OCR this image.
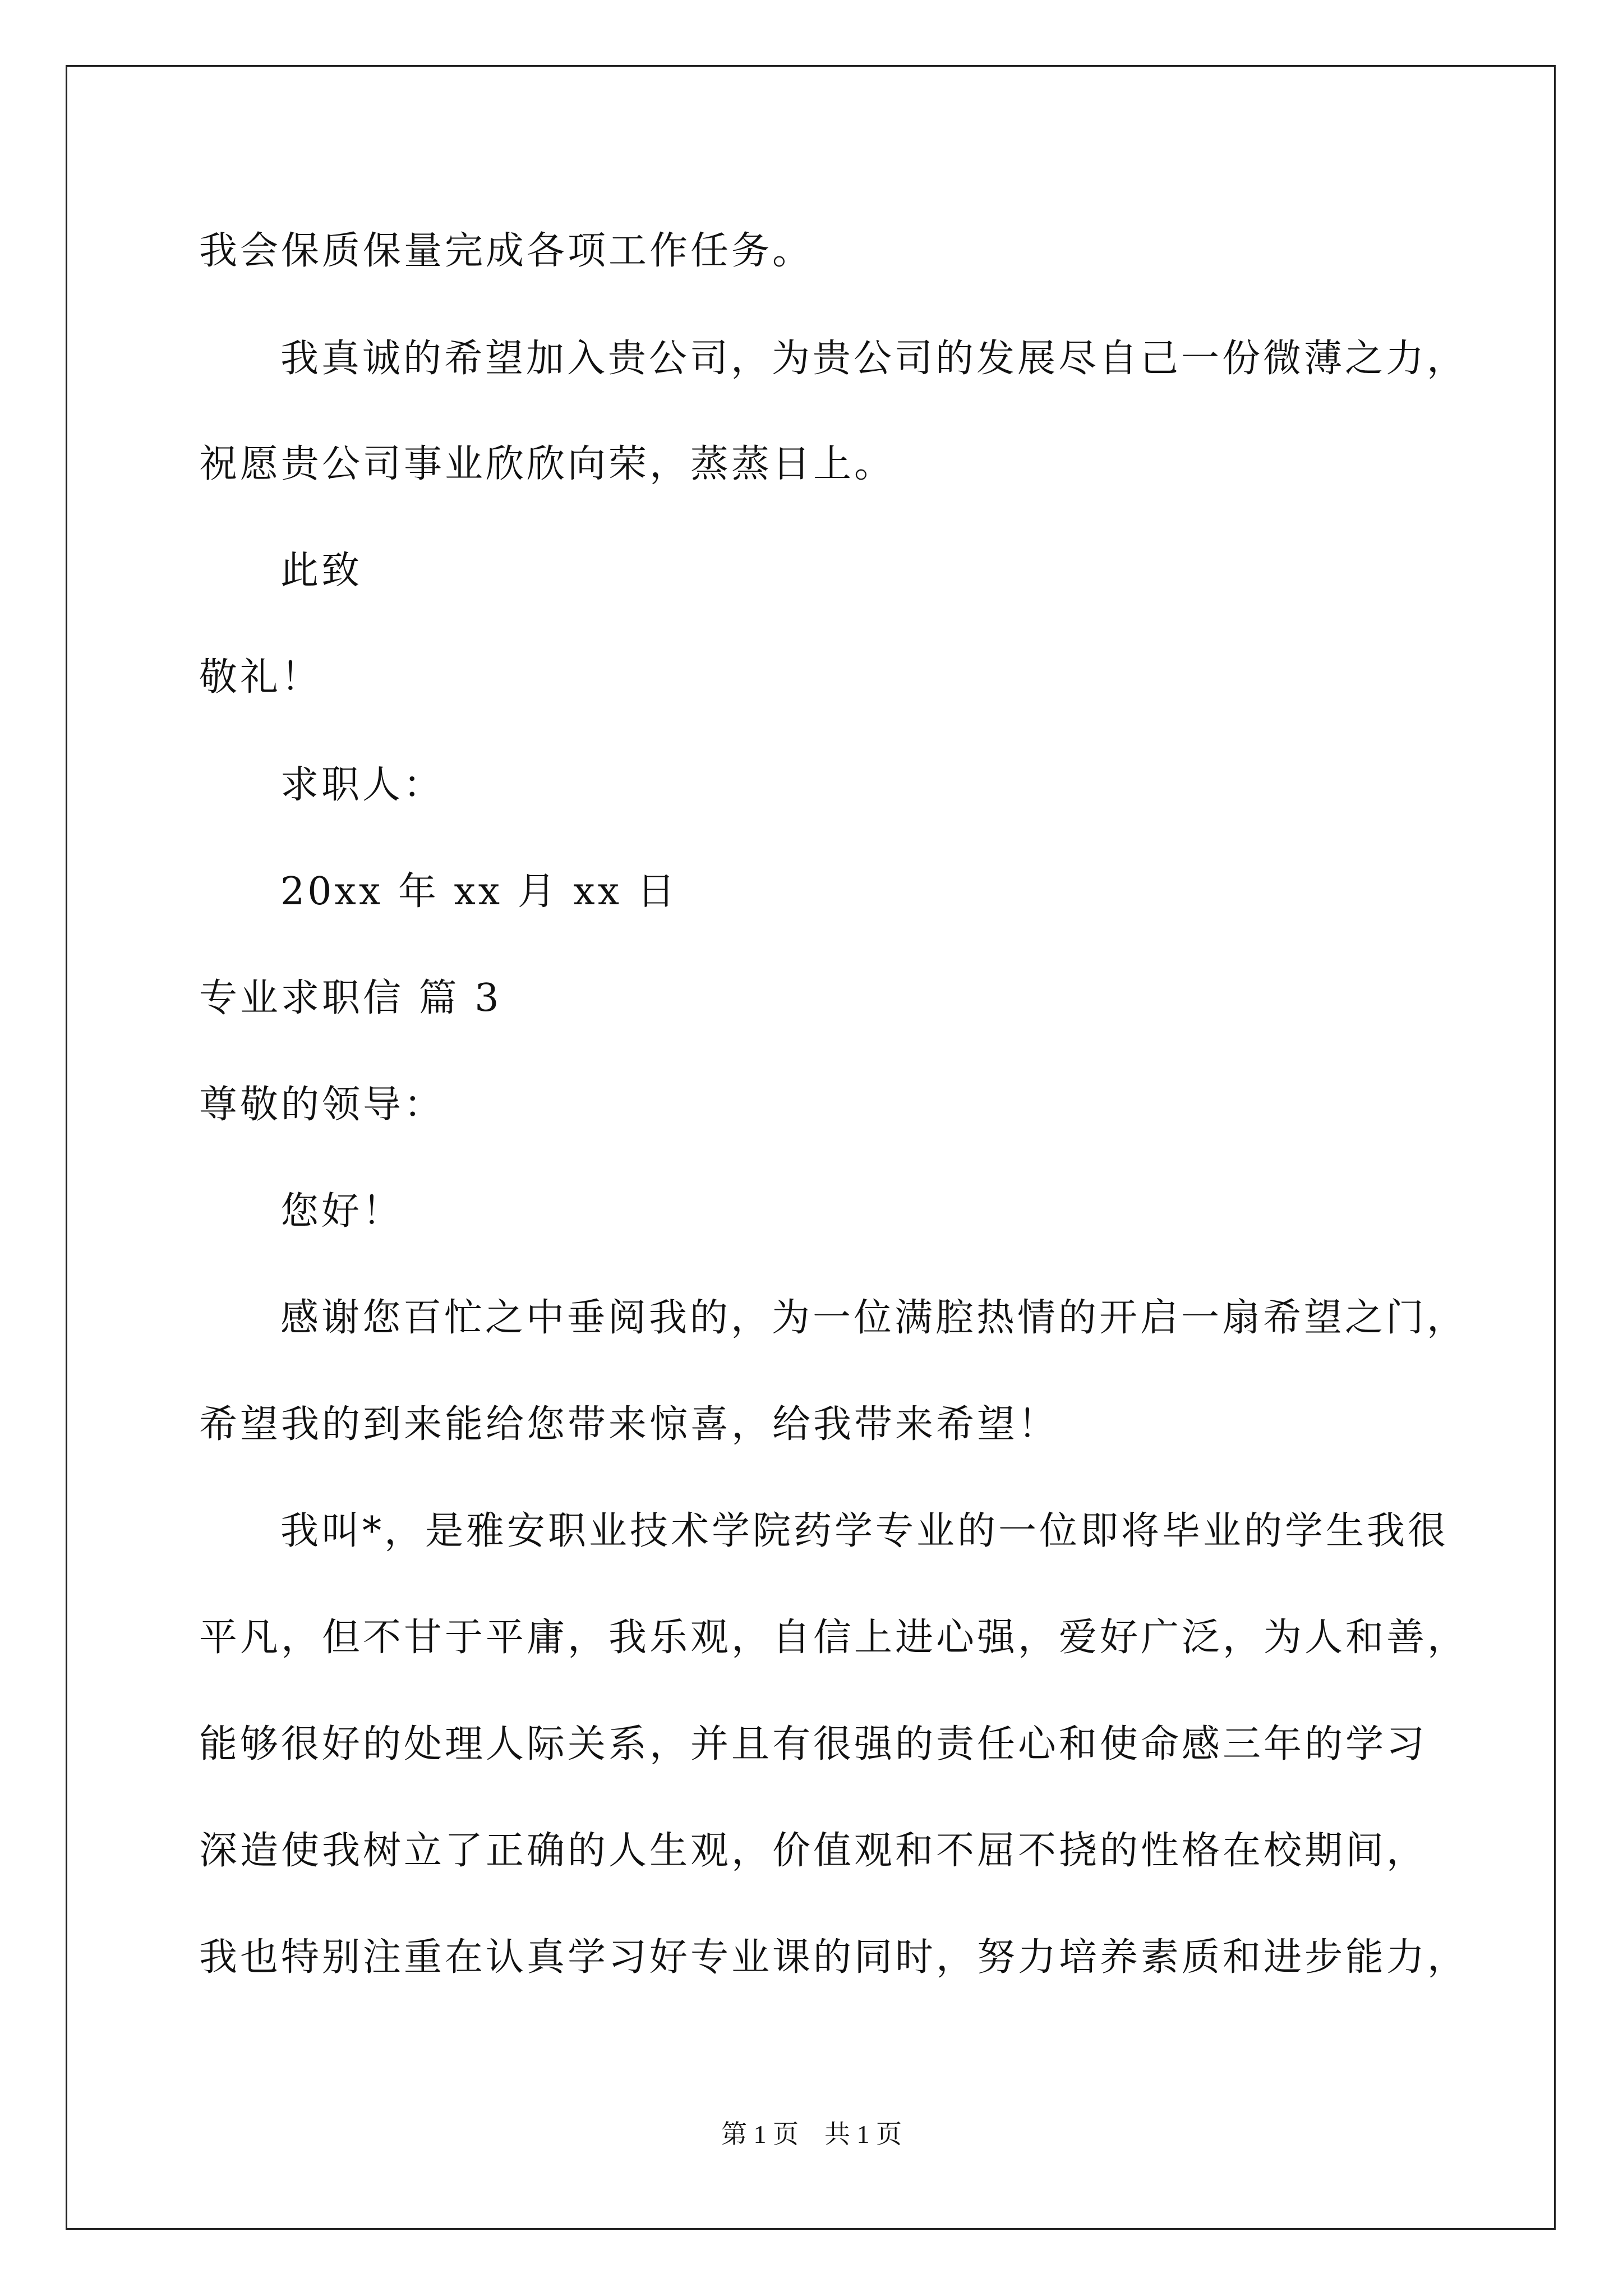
我会保质保量完成各项工作任务。
我真诚的希望加入贵公司，为贵公司的发展尽自己一份微薄之力，
祝愿贵公司事业欣欣向荣，蒸蒸日上。
此致
敬礼！
求职人：
20xx 年 xx 月 xx 日
专业求职信 篇 3
尊敬的领导：
您好！
感谢您百忙之中垂阅我的，为一位满腔热情的开启一扇希望之门，
希望我的到来能给您带来惊喜，给我带来希望！
我叫*，是雅安职业技术学院药学专业的一位即将毕业的学生我很
平凡，但不甘于平庸，我乐观，自信上进心强，爱好广泛，为人和善，
能够很好的处理人际关系，并且有很强的责任心和使命感三年的学习
深造使我树立了正确的人生观，价值观和不屈不挠的性格在校期间，
我也特别注重在认真学习好专业课的同时，努力培养素质和进步能力，
第 1 页　共 1 页
